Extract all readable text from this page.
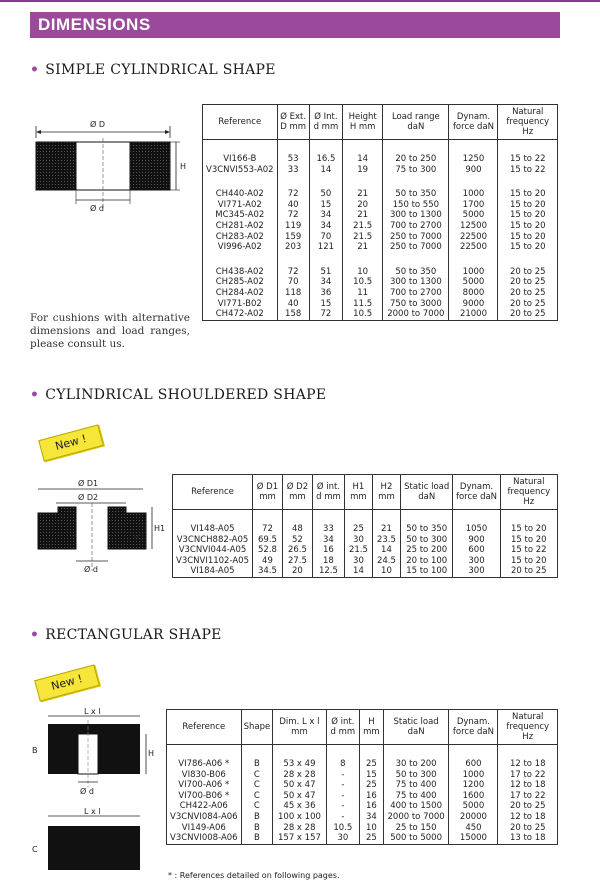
DIMENSIONS
• SIMPLE CYLINDRICAL SHAPE
Ø D
H
Ø d
For cushions with alternative dimensions and load ranges, please consult us.
Reference	Ø Ext. D mm	Ø Int. d mm	Height H mm	Load range daN	Dynam. force daN	Natural frequency Hz
VI166-B	53	16.5	14	20 to 250	1250	15 to 22
V3CNVI553-A02	33	14	19	75 to 300	900	15 to 22
CH440-A02	72	50	21	50 to 350	1000	15 to 20
VI771-A02	40	15	20	150 to 550	1700	15 to 20
MC345-A02	72	34	21	300 to 1300	5000	15 to 20
CH281-A02	119	34	21.5	700 to 2700	12500	15 to 20
CH283-A02	159	70	21.5	250 to 7000	22500	15 to 20
VI996-A02	203	121	21	250 to 7000	22500	15 to 20
CH438-A02	72	51	10	50 to 350	1000	20 to 25
CH285-A02	70	34	10.5	300 to 1300	5000	20 to 25
CH284-A02	118	36	11	700 to 2700	8000	20 to 25
VI771-B02	40	15	11.5	750 to 3000	9000	20 to 25
CH472-A02	158	72	10.5	2000 to 7000	21000	20 to 25
• CYLINDRICAL SHOULDERED SHAPE
New !
Ø D1
Ø D2
H2
H1
Ø d
Reference	Ø D1 mm	Ø D2 mm	Ø int. d mm	H1 mm	H2 mm	Static load daN	Dynam. force daN	Natural frequency Hz
VI148-A05	72	48	33	25	21	50 to 350	1050	15 to 20
V3CNCH882-A05	69.5	52	34	30	23.5	50 to 300	900	15 to 20
V3CNVI044-A05	52.8	26.5	16	21.5	14	25 to 200	600	15 to 22
V3CNVI1102-A05	49	27.5	18	30	24.5	20 to 100	300	15 to 20
VI184-A05	34.5	20	12.5	14	10	15 to 100	300	20 to 25
• RECTANGULAR SHAPE
New !
L x l
B	H
Ø d
L x l
C
Reference	Shape	Dim. L x l mm	Ø int. d mm	H mm	Static load daN	Dynam. force daN	Natural frequency Hz
VI786-A06 *	B	53 x 49	8	25	30 to 200	600	12 to 18
VI830-B06	C	28 x 28	-	15	50 to 300	1000	17 to 22
VI700-A06 *	C	50 x 47	-	25	75 to 400	1200	12 to 18
VI700-B06 *	C	50 x 47	-	16	75 to 400	1600	17 to 22
CH422-A06	C	45 x 36	-	16	400 to 1500	5000	20 to 25
V3CNVI084-A06	B	100 x 100	-	34	2000 to 7000	20000	12 to 18
VI149-A06	B	28 x 28	10.5	10	25 to 150	450	20 to 25
V3CNVI008-A06	B	157 x 157	30	25	500 to 5000	15000	13 to 18
* : References detailed on following pages.
